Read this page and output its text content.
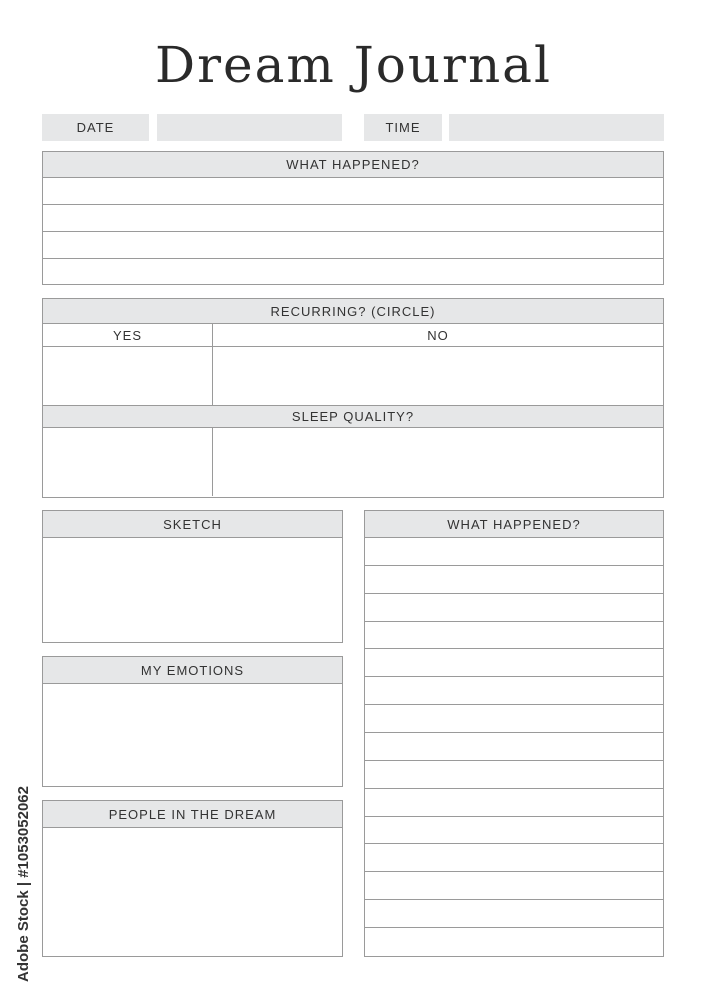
Dream Journal
DATE	TIME
WHAT HAPPENED?
RECURRING? (CIRCLE)
YES	NO
SLEEP QUALITY?
SKETCH
MY EMOTIONS
PEOPLE IN THE DREAM
WHAT HAPPENED?
Adobe Stock | #1053052062
